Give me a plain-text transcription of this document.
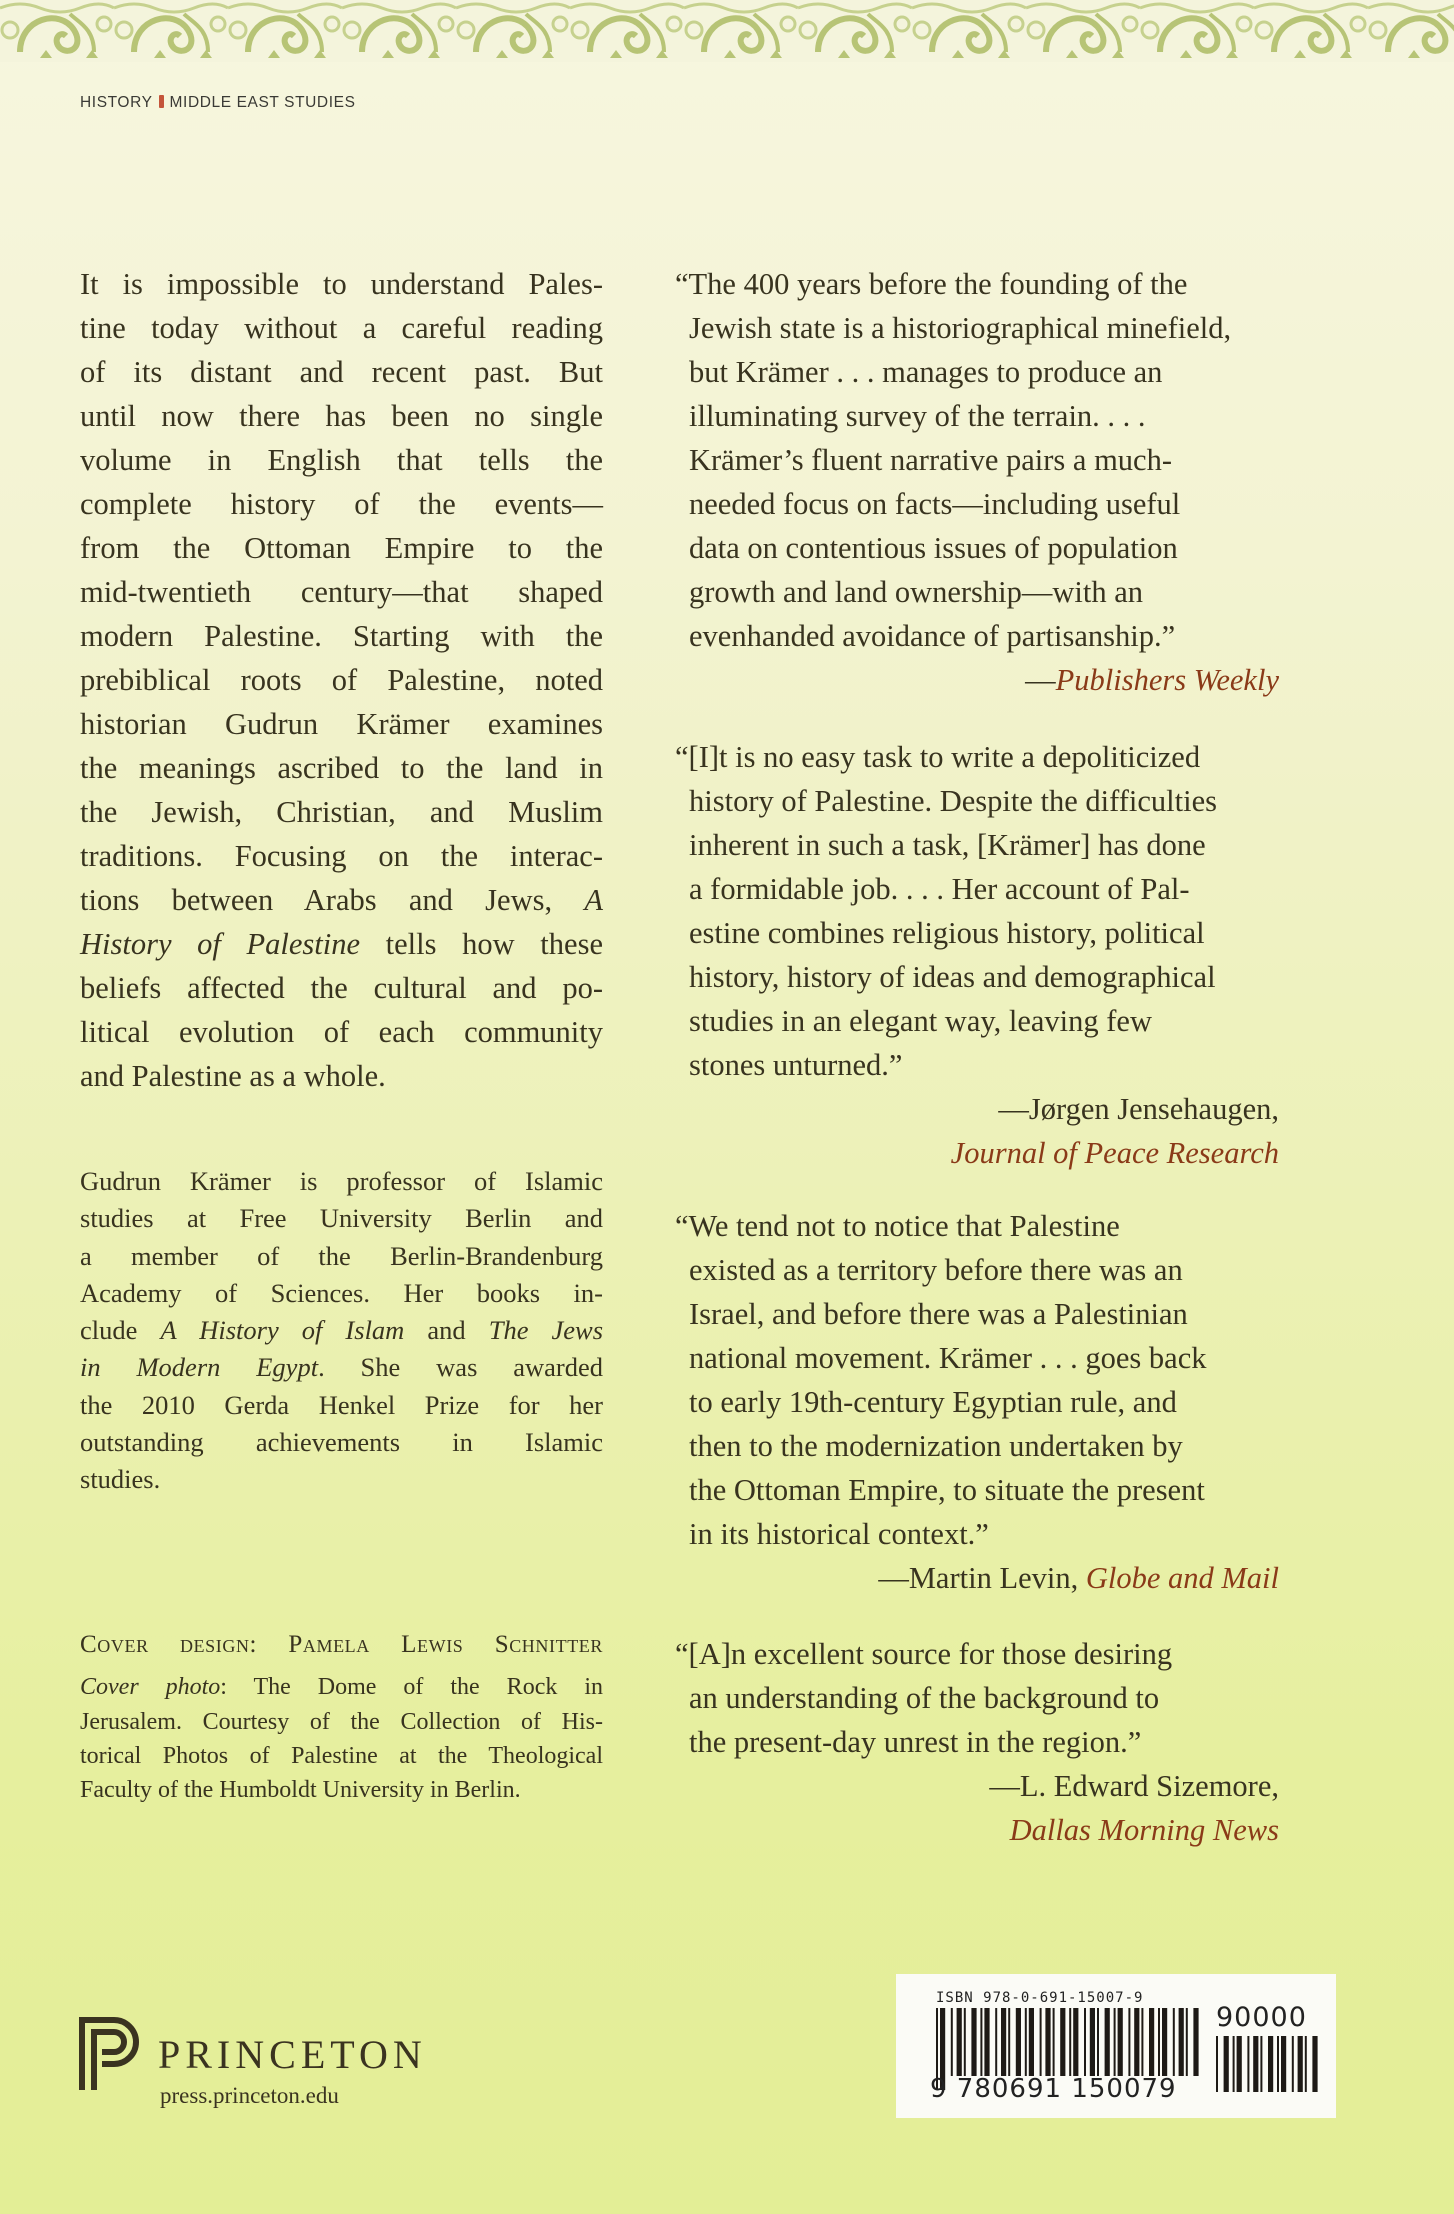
HISTORY MIDDLE EAST STUDIES
It is impossible to understand Pales-
tine today without a careful reading
of its distant and recent past. But
until now there has been no single
volume in English that tells the
complete history of the events—
from the Ottoman Empire to the
mid-twentieth century—that shaped
modern Palestine. Starting with the
prebiblical roots of Palestine, noted
historian Gudrun Krämer examines
the meanings ascribed to the land in
the Jewish, Christian, and Muslim
traditions. Focusing on the interac-
tions between Arabs and Jews, A
History of Palestine tells how these
beliefs affected the cultural and po-
litical evolution of each community
and Palestine as a whole.
Gudrun Krämer is professor of Islamic
studies at Free University Berlin and
a member of the Berlin-Brandenburg
Academy of Sciences. Her books in-
clude A History of Islam and The Jews
in Modern Egypt. She was awarded
the 2010 Gerda Henkel Prize for her
outstanding achievements in Islamic
studies.
Cover design: Pamela Lewis Schnitter
Cover photo: The Dome of the Rock in
Jerusalem. Courtesy of the Collection of His-
torical Photos of Palestine at the Theological
Faculty of the Humboldt University in Berlin.
“The 400 years before the founding of the
Jewish state is a historiographical minefield,
but Krämer . . . manages to produce an
illuminating survey of the terrain. . . .
Krämer’s fluent narrative pairs a much-
needed focus on facts—including useful
data on contentious issues of population
growth and land ownership—with an
evenhanded avoidance of partisanship.”
—Publishers Weekly
“[I]t is no easy task to write a depoliticized
history of Palestine. Despite the difficulties
inherent in such a task, [Krämer] has done
a formidable job. . . . Her account of Pal-
estine combines religious history, political
history, history of ideas and demographical
studies in an elegant way, leaving few
stones unturned.”
—Jørgen Jensehaugen,
Journal of Peace Research
“We tend not to notice that Palestine
existed as a territory before there was an
Israel, and before there was a Palestinian
national movement. Krämer . . . goes back
to early 19th-century Egyptian rule, and
then to the modernization undertaken by
the Ottoman Empire, to situate the present
in its historical context.”
—Martin Levin, Globe and Mail
“[A]n excellent source for those desiring
an understanding of the background to
the present-day unrest in the region.”
—L. Edward Sizemore,
Dallas Morning News
ISBN 978-0-691-15007-9
9 780691 150079
90000
PRINCETON
press.princeton.edu
